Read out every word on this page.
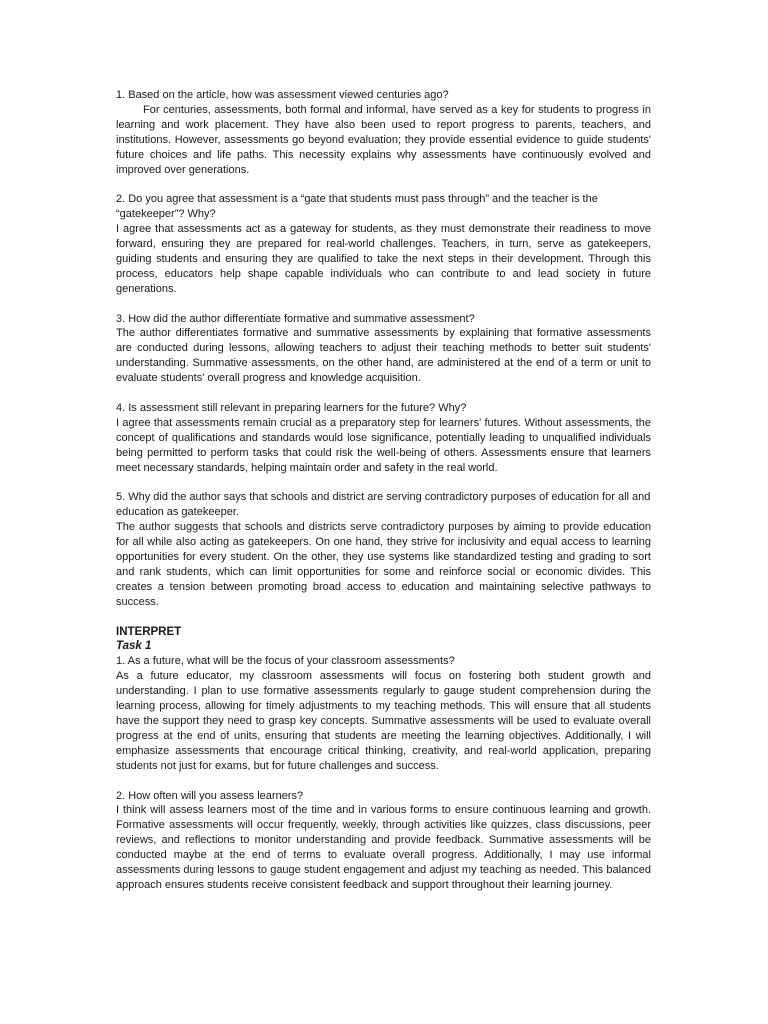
1. Based on the article, how was assessment viewed centuries ago?

For centuries, assessments, both formal and informal, have served as a key for students to progress in learning and work placement. They have also been used to report progress to parents, teachers, and institutions. However, assessments go beyond evaluation; they provide essential evidence to guide students' future choices and life paths. This necessity explains why assessments have continuously evolved and improved over generations.

2. Do you agree that assessment is a “gate that students must pass through” and the teacher is the “gatekeeper”? Why?

I agree that assessments act as a gateway for students, as they must demonstrate their readiness to move forward, ensuring they are prepared for real-world challenges. Teachers, in turn, serve as gatekeepers, guiding students and ensuring they are qualified to take the next steps in their development. Through this process, educators help shape capable individuals who can contribute to and lead society in future generations.

3. How did the author differentiate formative and summative assessment?

The author differentiates formative and summative assessments by explaining that formative assessments are conducted during lessons, allowing teachers to adjust their teaching methods to better suit students' understanding. Summative assessments, on the other hand, are administered at the end of a term or unit to evaluate students' overall progress and knowledge acquisition.

4. Is assessment still relevant in preparing learners for the future? Why?

I agree that assessments remain crucial as a preparatory step for learners' futures. Without assessments, the concept of qualifications and standards would lose significance, potentially leading to unqualified individuals being permitted to perform tasks that could risk the well-being of others. Assessments ensure that learners meet necessary standards, helping maintain order and safety in the real world.

5. Why did the author says that schools and district are serving contradictory purposes of education for all and education as gatekeeper.

The author suggests that schools and districts serve contradictory purposes by aiming to provide education for all while also acting as gatekeepers. On one hand, they strive for inclusivity and equal access to learning opportunities for every student. On the other, they use systems like standardized testing and grading to sort and rank students, which can limit opportunities for some and reinforce social or economic divides. This creates a tension between promoting broad access to education and maintaining selective pathways to success.

INTERPRET

Task 1

1. As a future, what will be the focus of your classroom assessments?

As a future educator, my classroom assessments will focus on fostering both student growth and understanding. I plan to use formative assessments regularly to gauge student comprehension during the learning process, allowing for timely adjustments to my teaching methods. This will ensure that all students have the support they need to grasp key concepts. Summative assessments will be used to evaluate overall progress at the end of units, ensuring that students are meeting the learning objectives. Additionally, I will emphasize assessments that encourage critical thinking, creativity, and real-world application, preparing students not just for exams, but for future challenges and success.

2. How often will you assess learners?

I think will assess learners most of the time and in various forms to ensure continuous learning and growth. Formative assessments will occur frequently, weekly, through activities like quizzes, class discussions, peer reviews, and reflections to monitor understanding and provide feedback. Summative assessments will be conducted maybe at the end of terms to evaluate overall progress. Additionally, I may use informal assessments during lessons to gauge student engagement and adjust my teaching as needed. This balanced approach ensures students receive consistent feedback and support throughout their learning journey.
